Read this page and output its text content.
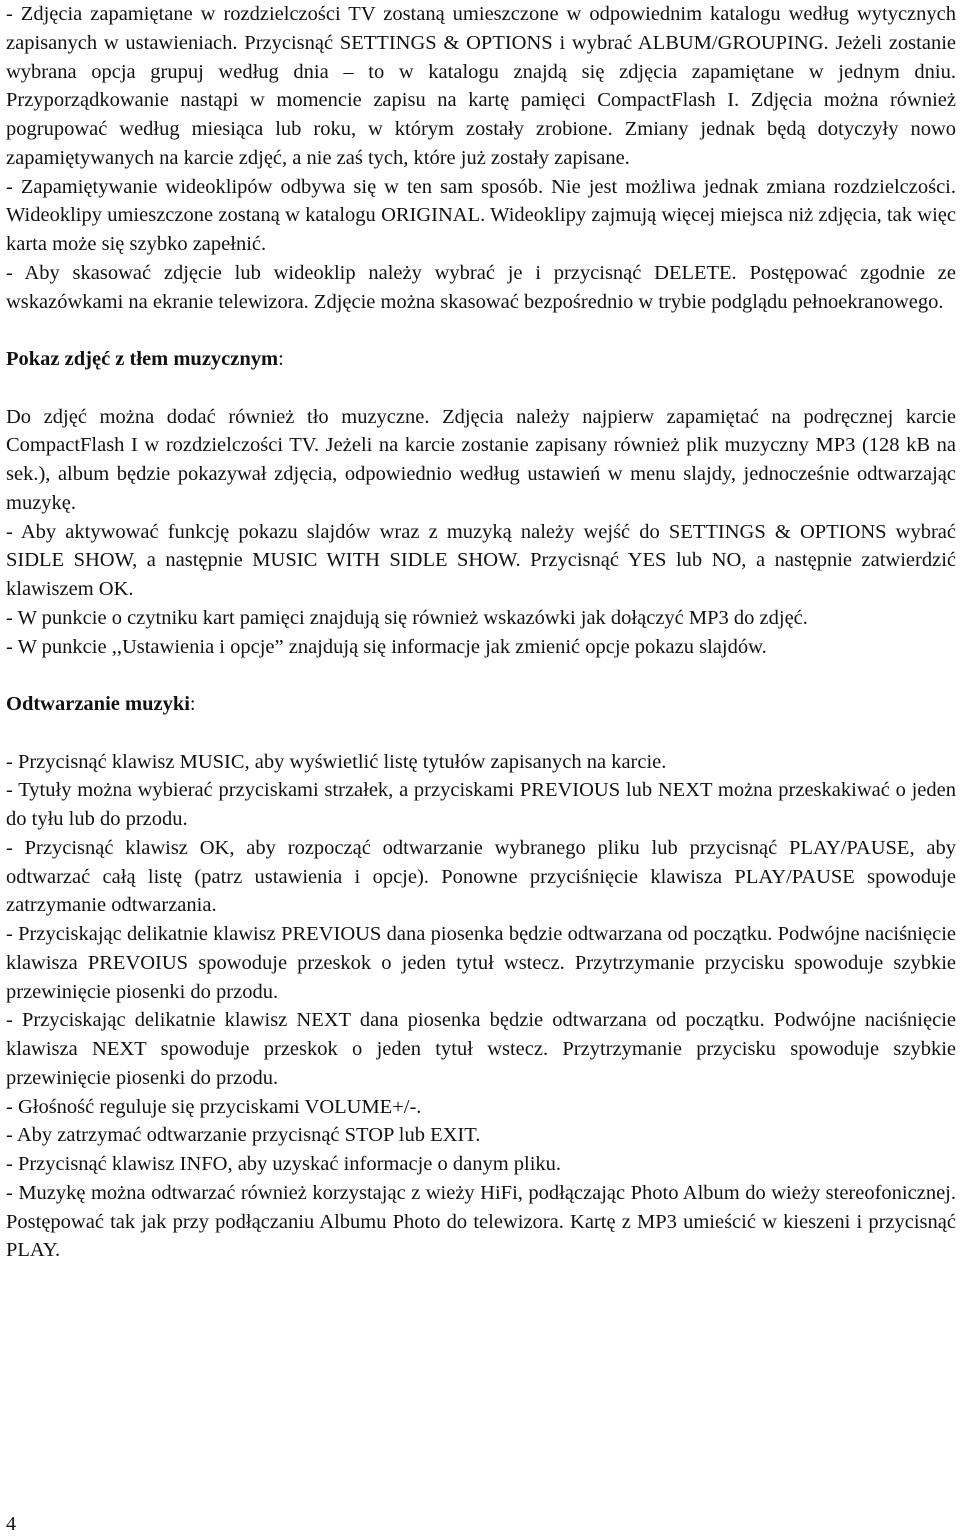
- Zdjęcia zapamiętane w rozdzielczości TV zostaną umieszczone w odpowiednim katalogu według wytycznych zapisanych w ustawieniach. Przycisnąć SETTINGS & OPTIONS i wybrać ALBUM/GROUPING. Jeżeli zostanie wybrana opcja grupuj według dnia – to w katalogu znajdą się zdjęcia zapamiętane w jednym dniu. Przyporządkowanie nastąpi w momencie zapisu na kartę pamięci CompactFlash I. Zdjęcia można również pogrupować według miesiąca lub roku, w którym zostały zrobione. Zmiany jednak będą dotyczyły nowo zapamiętywanych na karcie zdjęć, a nie zaś tych, które już zostały zapisane.

- Zapamiętywanie wideoklipów odbywa się w ten sam sposób. Nie jest możliwa jednak zmiana rozdzielczości. Wideoklipy umieszczone zostaną w katalogu ORIGINAL. Wideoklipy zajmują więcej miejsca niż zdjęcia, tak więc karta może się szybko zapełnić.

- Aby skasować zdjęcie lub wideoklip należy wybrać je i przycisnąć DELETE. Postępować zgodnie ze wskazówkami na ekranie telewizora. Zdjęcie można skasować bezpośrednio w trybie podglądu pełnoekranowego.

Pokaz zdjęć z tłem muzycznym:

Do zdjęć można dodać również tło muzyczne. Zdjęcia należy najpierw zapamiętać na podręcznej karcie CompactFlash I w rozdzielczości TV. Jeżeli na karcie zostanie zapisany również plik muzyczny MP3 (128 kB na sek.), album będzie pokazywał zdjęcia, odpowiednio według ustawień w menu slajdy, jednocześnie odtwarzając muzykę.

- Aby aktywować funkcję pokazu slajdów wraz z muzyką należy wejść do SETTINGS & OPTIONS wybrać SIDLE SHOW, a następnie MUSIC WITH SIDLE SHOW. Przycisnąć YES lub NO, a następnie zatwierdzić klawiszem OK.

- W punkcie o czytniku kart pamięci znajdują się również wskazówki jak dołączyć MP3 do zdjęć.

- W punkcie ,,Ustawienia i opcje” znajdują się informacje jak zmienić opcje pokazu slajdów.

Odtwarzanie muzyki:

- Przycisnąć klawisz MUSIC, aby wyświetlić listę tytułów zapisanych na karcie.

- Tytuły można wybierać przyciskami strzałek, a przyciskami PREVIOUS lub NEXT można przeskakiwać o jeden do tyłu lub do przodu.

- Przycisnąć klawisz OK, aby rozpocząć odtwarzanie wybranego pliku lub przycisnąć PLAY/PAUSE, aby odtwarzać całą listę (patrz ustawienia i opcje). Ponowne przyciśnięcie klawisza PLAY/PAUSE spowoduje zatrzymanie odtwarzania.

- Przyciskając delikatnie klawisz PREVIOUS dana piosenka będzie odtwarzana od początku. Podwójne naciśnięcie klawisza PREVOIUS spowoduje przeskok o jeden tytuł wstecz. Przytrzymanie przycisku spowoduje szybkie przewinięcie piosenki do przodu.

- Przyciskając delikatnie klawisz NEXT dana piosenka będzie odtwarzana od początku. Podwójne naciśnięcie klawisza NEXT spowoduje przeskok o jeden tytuł wstecz. Przytrzymanie przycisku spowoduje szybkie przewinięcie piosenki do przodu.

- Głośność reguluje się przyciskami VOLUME+/-.

- Aby zatrzymać odtwarzanie przycisnąć STOP lub EXIT.

- Przycisnąć klawisz INFO, aby uzyskać informacje o danym pliku.

- Muzykę można odtwarzać również korzystając z wieży HiFi, podłączając Photo Album do wieży stereofonicznej. Postępować tak jak przy podłączaniu Albumu Photo do telewizora. Kartę z MP3 umieścić w kieszeni i przycisnąć PLAY.

4
